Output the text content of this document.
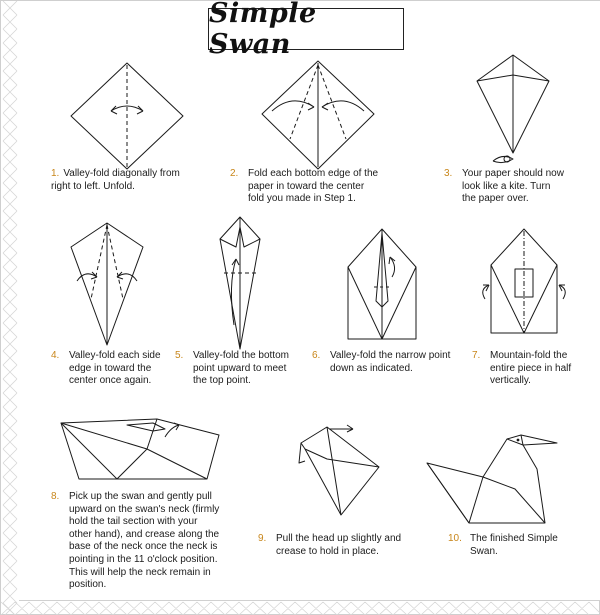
Simple Swan
1. Valley-fold diagonally from
right to left. Unfold.
2. Fold each bottom edge of the
paper in toward the center
fold you made in Step 1.
3. Your paper should now
look like a kite. Turn
the paper over.
4. Valley-fold each side
edge in toward the
center once again.
5. Valley-fold the bottom
point upward to meet
the top point.
6. Valley-fold the narrow point
down as indicated.
7. Mountain-fold the
entire piece in half
vertically.
8. Pick up the swan and gently pull
upward on the swan's neck (firmly
hold the tail section with your
other hand), and crease along the
base of the neck once the neck is
pointing in the 11 o'clock position.
This will help the neck remain in
position.
9. Pull the head up slightly and
crease to hold in place.
10. The finished Simple
Swan.
